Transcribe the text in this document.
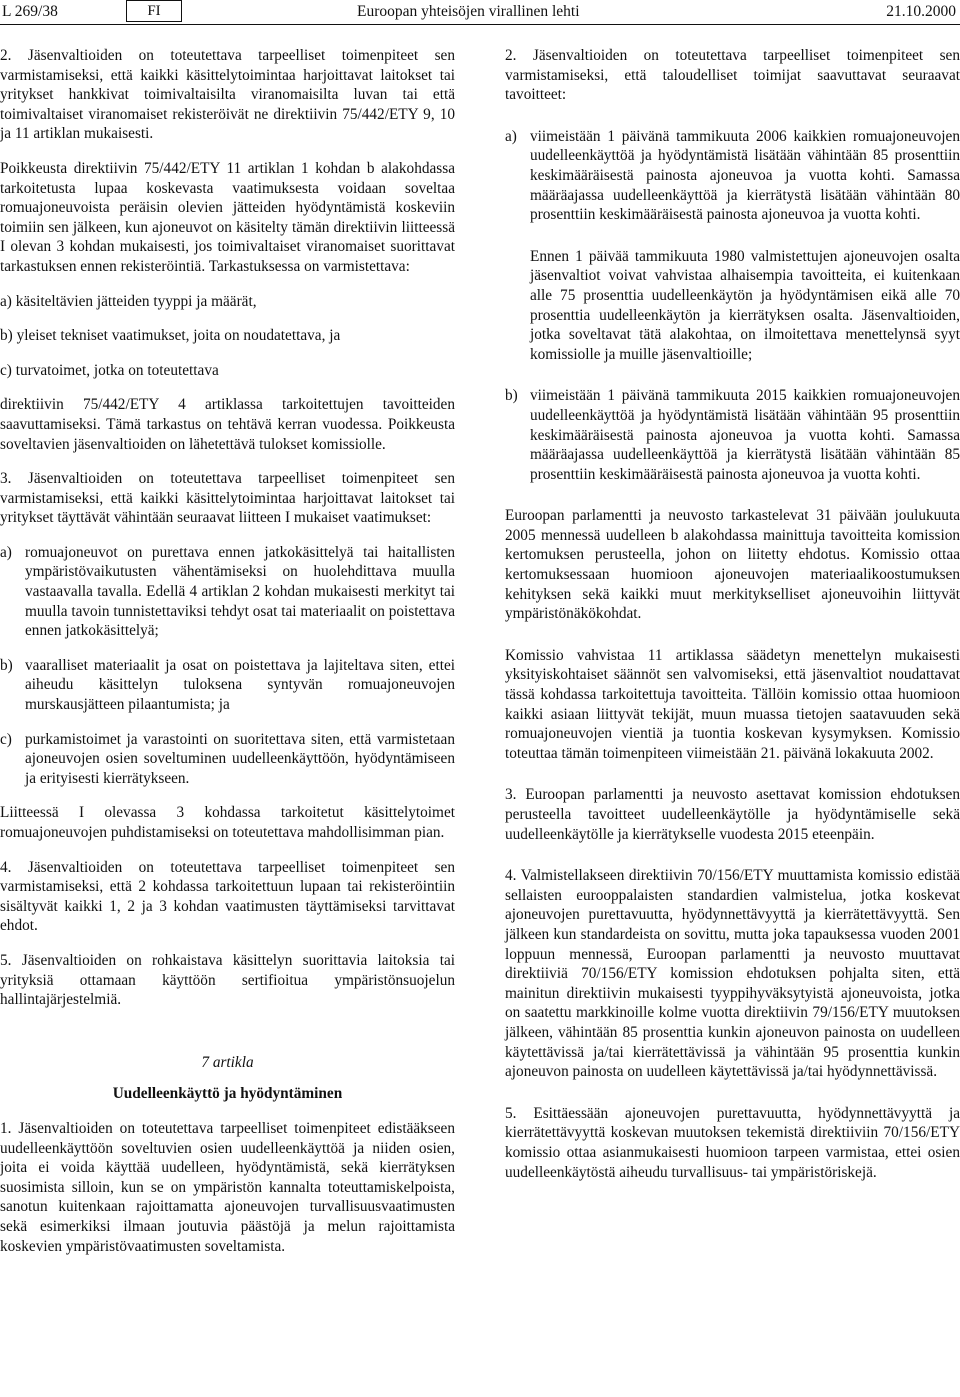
L 269/38	FI	Euroopan yhteisöjen virallinen lehti	21.10.2000

2. Jäsenvaltioiden on toteutettava tarpeelliset toimenpiteet sen varmistamiseksi, että kaikki käsittelytoimintaa harjoittavat laitokset tai yritykset hankkivat toimivaltaisilta viranomaisilta luvan tai että toimivaltaiset viranomaiset rekisteröivät ne direktiivin 75/442/ETY 9, 10 ja 11 artiklan mukaisesti.

Poikkeusta direktiivin 75/442/ETY 11 artiklan 1 kohdan b alakohdassa tarkoitetusta lupaa koskevasta vaatimuksesta voidaan soveltaa romuajoneuvoista peräisin olevien jätteiden hyödyntämistä koskeviin toimiin sen jälkeen, kun ajoneuvot on käsitelty tämän direktiivin liitteessä I olevan 3 kohdan mukaisesti, jos toimivaltaiset viranomaiset suorittavat tarkastuksen ennen rekisteröintiä. Tarkastuksessa on varmistettava:

a) käsiteltävien jätteiden tyyppi ja määrät,

b) yleiset tekniset vaatimukset, joita on noudatettava, ja

c) turvatoimet, jotka on toteutettava

direktiivin 75/442/ETY 4 artiklassa tarkoitettujen tavoitteiden saavuttamiseksi. Tämä tarkastus on tehtävä kerran vuodessa. Poikkeusta soveltavien jäsenvaltioiden on lähetettävä tulokset komissiolle.

3. Jäsenvaltioiden on toteutettava tarpeelliset toimenpiteet sen varmistamiseksi, että kaikki käsittelytoimintaa harjoittavat laitokset tai yritykset täyttävät vähintään seuraavat liitteen I mukaiset vaatimukset:

a) romuajoneuvot on purettava ennen jatkokäsittelyä tai haitallisten ympäristövaikutusten vähentämiseksi on huolehdittava muulla vastaavalla tavalla. Edellä 4 artiklan 2 kohdan mukaisesti merkityt tai muulla tavoin tunnistettaviksi tehdyt osat tai materiaalit on poistettava ennen jatkokäsittelyä;
b) vaaralliset materiaalit ja osat on poistettava ja lajiteltava siten, ettei aiheudu käsittelyn tuloksena syntyvän romuajoneuvojen murskausjätteen pilaantumista; ja
c) purkamistoimet ja varastointi on suoritettava siten, että varmistetaan ajoneuvojen osien soveltuminen uudelleenkäyttöön, hyödyntämiseen ja erityisesti kierrätykseen.

Liitteessä I olevassa 3 kohdassa tarkoitetut käsittelytoimet romuajoneuvojen puhdistamiseksi on toteutettava mahdollisimman pian.

4. Jäsenvaltioiden on toteutettava tarpeelliset toimenpiteet sen varmistamiseksi, että 2 kohdassa tarkoitettuun lupaan tai rekisteröintiin sisältyvät kaikki 1, 2 ja 3 kohdan vaatimusten täyttämiseksi tarvittavat ehdot.

5. Jäsenvaltioiden on rohkaistava käsittelyn suorittavia laitoksia tai yrityksiä ottamaan käyttöön sertifioitua ympäristönsuojelun hallintajärjestelmiä.

7 artikla

Uudelleenkäyttö ja hyödyntäminen

1. Jäsenvaltioiden on toteutettava tarpeelliset toimenpiteet edistääkseen uudelleenkäyttöön soveltuvien osien uudelleenkäyttöä ja niiden osien, joita ei voida käyttää uudelleen, hyödyntämistä, sekä kierrätyksen suosimista silloin, kun se on ympäristön kannalta toteuttamiskelpoista, sanotun kuitenkaan rajoittamatta ajoneuvojen turvallisuusvaatimusten sekä esimerkiksi ilmaan joutuvia päästöjä ja melun rajoittamista koskevien ympäristövaatimusten soveltamista.

2. Jäsenvaltioiden on toteutettava tarpeelliset toimenpiteet sen varmistamiseksi, että taloudelliset toimijat saavuttavat seuraavat tavoitteet:

a) viimeistään 1 päivänä tammikuuta 2006 kaikkien romuajoneuvojen uudelleenkäyttöä ja hyödyntämistä lisätään vähintään 85 prosenttiin keskimääräisestä painosta ajoneuvoa ja vuotta kohti. Samassa määräajassa uudelleenkäyttöä ja kierrätystä lisätään vähintään 80 prosenttiin keskimääräisestä painosta ajoneuvoa ja vuotta kohti.

Ennen 1 päivää tammikuuta 1980 valmistettujen ajoneuvojen osalta jäsenvaltiot voivat vahvistaa alhaisempia tavoitteita, ei kuitenkaan alle 75 prosenttia uudelleenkäytön ja hyödyntämisen eikä alle 70 prosenttia uudelleenkäytön ja kierrätyksen osalta. Jäsenvaltioiden, jotka soveltavat tätä alakohtaa, on ilmoitettava menettelynsä syyt komissiolle ja muille jäsenvaltioille;

b) viimeistään 1 päivänä tammikuuta 2015 kaikkien romuajoneuvojen uudelleenkäyttöä ja hyödyntämistä lisätään vähintään 95 prosenttiin keskimääräisestä painosta ajoneuvoa ja vuotta kohti. Samassa määräajassa uudelleenkäyttöä ja kierrätystä lisätään vähintään 85 prosenttiin keskimääräisestä painosta ajoneuvoa ja vuotta kohti.

Euroopan parlamentti ja neuvosto tarkastelevat 31 päivään joulukuuta 2005 mennessä uudelleen b alakohdassa mainittuja tavoitteita komission kertomuksen perusteella, johon on liitetty ehdotus. Komissio ottaa kertomuksessaan huomioon ajoneuvojen materiaalikoostumuksen kehityksen sekä kaikki muut merkitykselliset ajoneuvoihin liittyvät ympäristönäkökohdat.

Komissio vahvistaa 11 artiklassa säädetyn menettelyn mukaisesti yksityiskohtaiset säännöt sen valvomiseksi, että jäsenvaltiot noudattavat tässä kohdassa tarkoitettuja tavoitteita. Tällöin komissio ottaa huomioon kaikki asiaan liittyvät tekijät, muun muassa tietojen saatavuuden sekä romuajoneuvojen vientiä ja tuontia koskevan kysymyksen. Komissio toteuttaa tämän toimenpiteen viimeistään 21. päivänä lokakuuta 2002.

3. Euroopan parlamentti ja neuvosto asettavat komission ehdotuksen perusteella tavoitteet uudelleenkäytölle ja hyödyntämiselle sekä uudelleenkäytölle ja kierrätykselle vuodesta 2015 eteenpäin.

4. Valmistellakseen direktiivin 70/156/ETY muuttamista komissio edistää sellaisten eurooppalaisten standardien valmistelua, jotka koskevat ajoneuvojen purettavuutta, hyödynnettävyyttä ja kierrätettävyyttä. Sen jälkeen kun standardeista on sovittu, mutta joka tapauksessa vuoden 2001 loppuun mennessä, Euroopan parlamentti ja neuvosto muuttavat direktiiviä 70/156/ETY komission ehdotuksen pohjalta siten, että mainitun direktiivin mukaisesti tyyppihyväksytyistä ajoneuvoista, jotka on saatettu markkinoille kolme vuotta direktiivin 79/156/ETY muutoksen jälkeen, vähintään 85 prosenttia kunkin ajoneuvon painosta on uudelleen käytettävissä ja/tai kierrätettävissä ja vähintään 95 prosenttia kunkin ajoneuvon painosta on uudelleen käytettävissä ja/tai hyödynnettävissä.

5. Esittäessään ajoneuvojen purettavuutta, hyödynnettävyyttä ja kierrätettävyyttä koskevan muutoksen tekemistä direktiiviin 70/156/ETY komissio ottaa asianmukaisesti huomioon tarpeen varmistaa, ettei osien uudelleenkäytöstä aiheudu turvallisuus- tai ympäristöriskejä.
